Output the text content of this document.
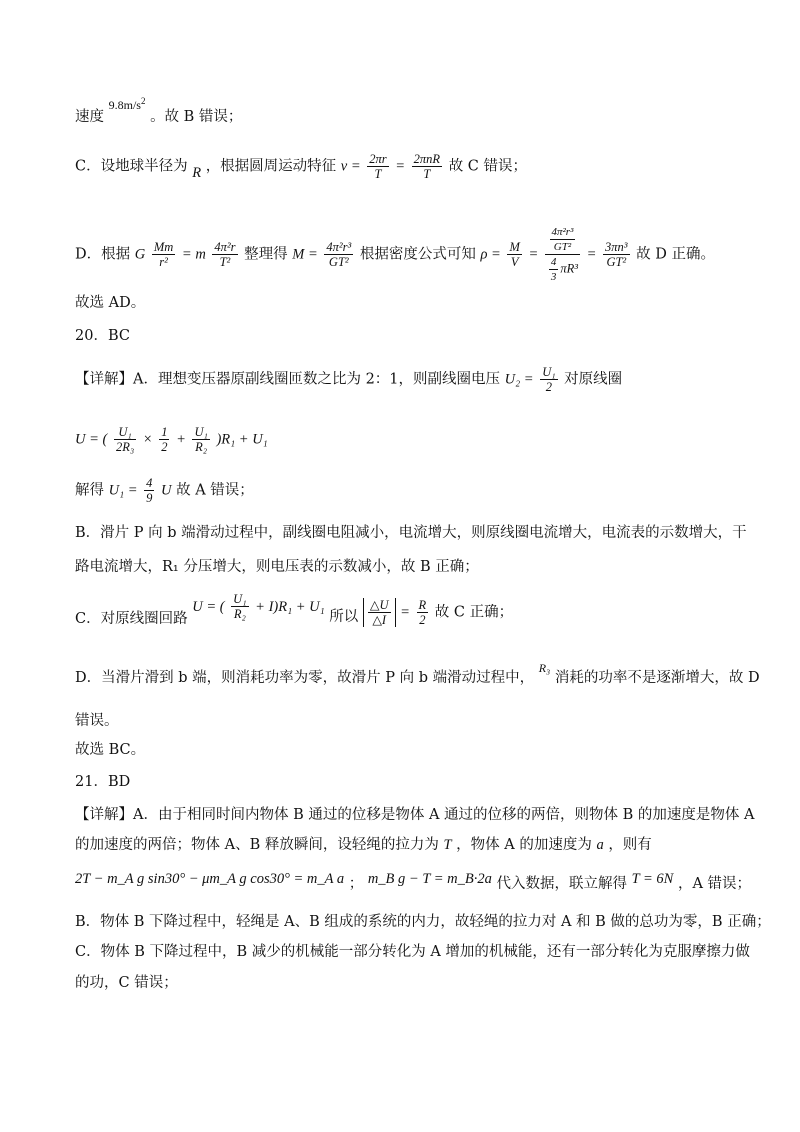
速度 $^{9.8m/s^2}$ 。故 B 错误；
C．设地球半径为 R ，根据圆周运动特征 $v = \frac{2\pi r}{T} = \frac{\text{2πnR}}{T}$ 故 C 错误；
D．根据 G $\frac{Mm}{\text{r²}} = m \frac{\text{4π²r}}{\text{T²}}$ 整理得 $M = \frac{\text{4π²r³}}{\text{GT²}}$ 根据密度公式可知 $\rho = \frac{M}{V} = \frac{\frac{\text{4π²r³}}{\text{GT²}}}{\frac{4}{3} \pi R^3} = \frac{\text{3πn³}}{\text{GT²}}$ 故 D 正确。
故选 AD。
20．BC
【详解】A．理想变压器原副线圈匝数之比为 2：1，则副线圈电压 $U_2 = \frac{\text{U₁}}{2}$ 对原线圈
U = ( $\frac{\text{U₁}}{\text{2R₃}} \times \frac{1}{2} + \frac{\text{U₁}}{\text{R₂}} )R_1 + U_1$
解得 $U_1 = \frac{4}{9}$ U 故 A 错误；
B．滑片 P 向 b 端滑动过程中，副线圈电阻减小，电流增大，则原线圈电流增大，电流表的示数增大，干
路电流增大，R₁ 分压增大，则电压表的示数减小，故 B 正确；
C．对原线圈回路 U = ( $\frac{\text{U₁}}{\text{R₂}} + I)R_1 + U_1$ 所以 $\frac{\triangle U}{\triangle I} = \frac{R}{2}$ 故 C 正确；
D．当滑片滑到 b 端，则消耗功率为零，故滑片 P 向 b 端滑动过程中， $^{R_3}$ 消耗的功率不是逐渐增大，故 D
错误。
故选 BC。
21．BD
【详解】A．由于相同时间内物体 B 通过的位移是物体 A 通过的位移的两倍，则物体 B 的加速度是物体 A
的加速度的两倍；物体 A、B 释放瞬间，设轻绳的拉力为 T ，物体 A 的加速度为 a ，则有
2T − m_A g sin30° − μm_A g cos30° = m_A a ； m_B g − T = m_B·2a 代入数据，联立解得 T = 6N ，A 错误；
B．物体 B 下降过程中，轻绳是 A、B 组成的系统的内力，故轻绳的拉力对 A 和 B 做的总功为零，B 正确；
C．物体 B 下降过程中，B 减少的机械能一部分转化为 A 增加的机械能，还有一部分转化为克服摩擦力做
的功，C 错误；
